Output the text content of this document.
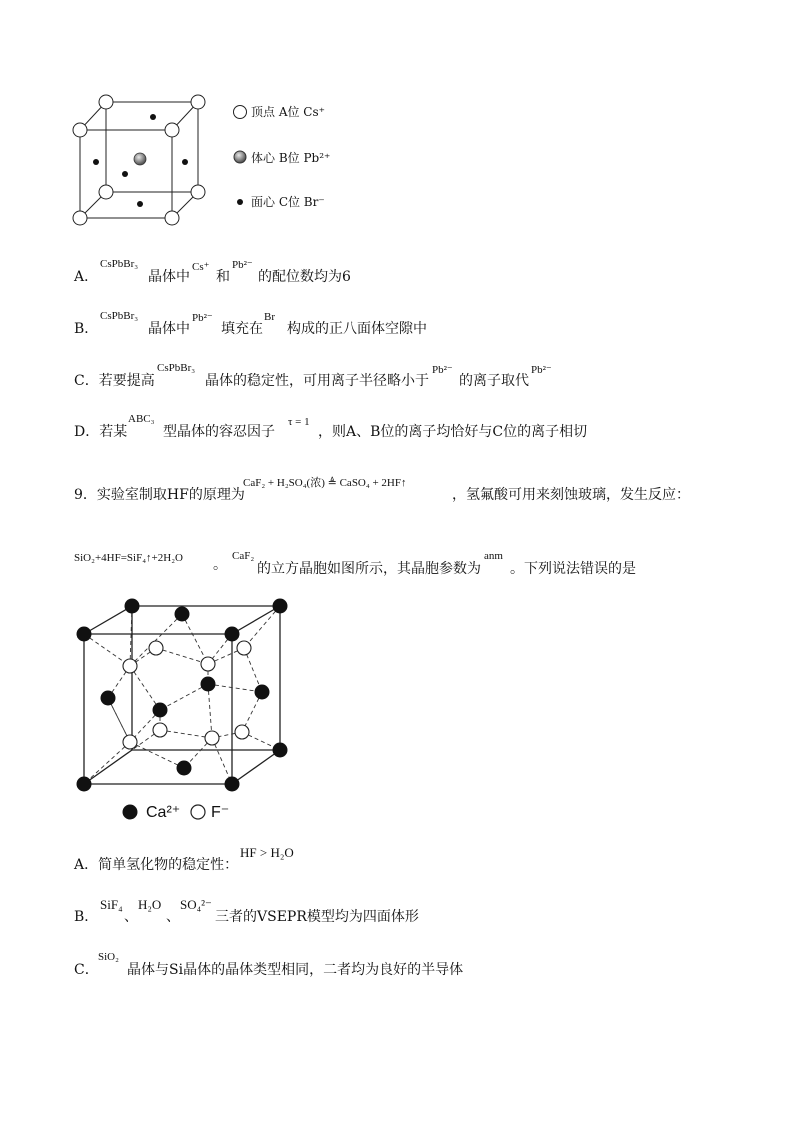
顶点 A位 Cs⁺
体心 B位 Pb²⁺
面心 C位 Br⁻
A．
CsPbBr₃
晶体中
Cs⁺
和
Pb²⁻
的配位数均为6
B．
CsPbBr₃
晶体中
Pb²⁻
填充在
Br
构成的正八面体空隙中
C．若要提高
CsPbBr₃
晶体的稳定性，可用离子半径略小于
Pb²⁻
的离子取代
Pb²⁻
D．若某
ABC₃
型晶体的容忍因子
τ = 1
，则A、B位的离子均恰好与C位的离子相切
9．实验室制取HF的原理为
CaF₂ + H₂SO₄(浓) ≜ CaSO₄ + 2HF↑
，氢氟酸可用来刻蚀玻璃，发生反应：
SiO₂+4HF=SiF₄↑+2H₂O 。
CaF₂
的立方晶胞如图所示，其晶胞参数为
anm
。下列说法错误的是
Ca²⁺ F⁻
A．简单氢化物的稳定性：
HF > H₂O
B．
SiF₄
、
H₂O
、
SO₄²⁻
三者的VSEPR模型均为四面体形
C．
SiO₂
晶体与Si晶体的晶体类型相同，二者均为良好的半导体
